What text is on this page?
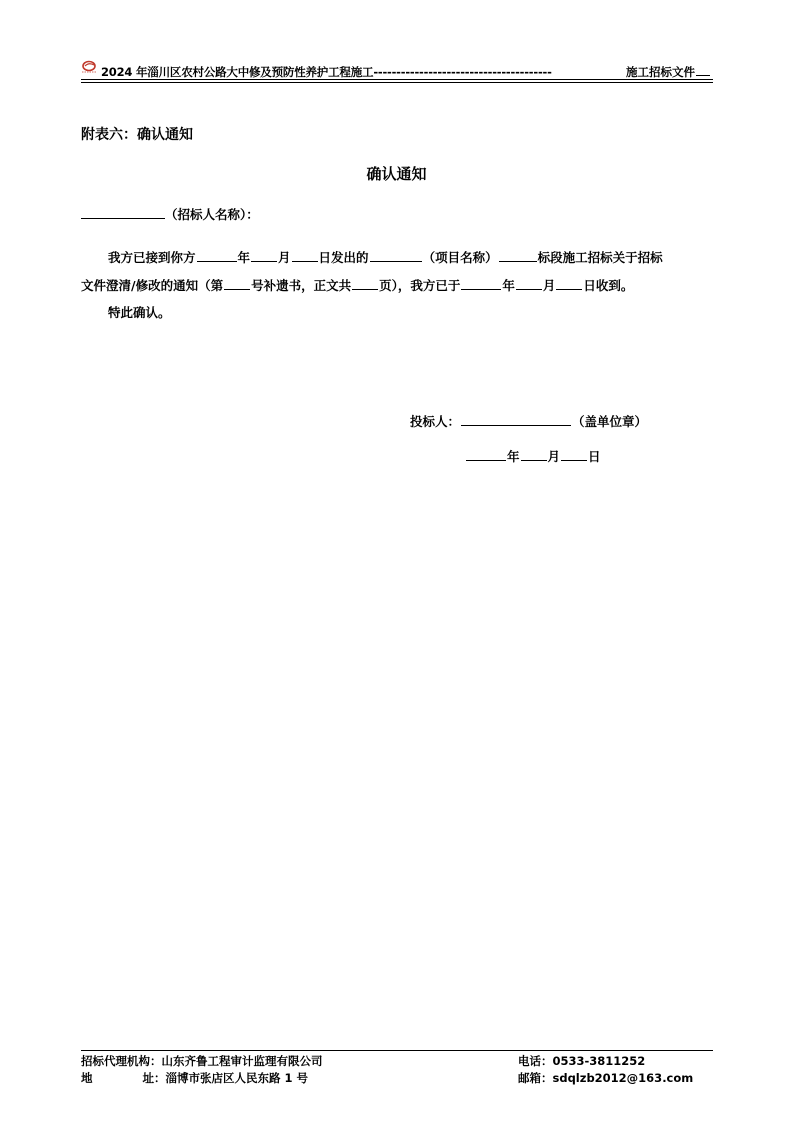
2024 年淄川区农村公路大中修及预防性养护工程施工---------------------------------------	施工招标文件
附表六：确认通知
确认通知
（招标人名称）：
我方已接到你方	年 月 日发出的	（项目名称）	标段施工招标关于招标
文件澄清/修改的通知（第 号补遗书，正文共 页），我方已于	年 月 日收到。
特此确认。
投标人：	（盖单位章）
年 月 日
招标代理机构：山东齐鲁工程审计监理有限公司	电话：0533-3811252
地	址：淄博市张店区人民东路 1 号	邮箱：sdqlzb2012@163.com
